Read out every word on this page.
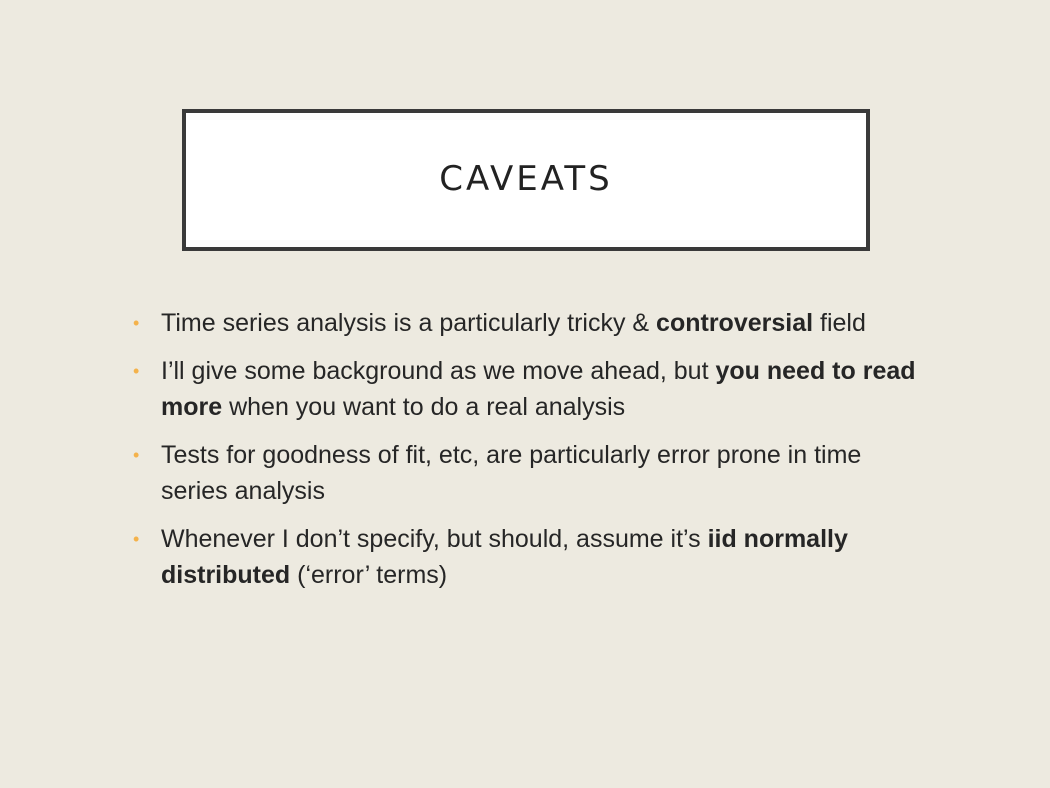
CAVEATS
• Time series analysis is a particularly tricky & controversial field
• I’ll give some background as we move ahead, but you need to read more when you want to do a real analysis
• Tests for goodness of fit, etc, are particularly error prone in time series analysis
• Whenever I don’t specify, but should, assume it’s iid normally distributed (‘error’ terms)
